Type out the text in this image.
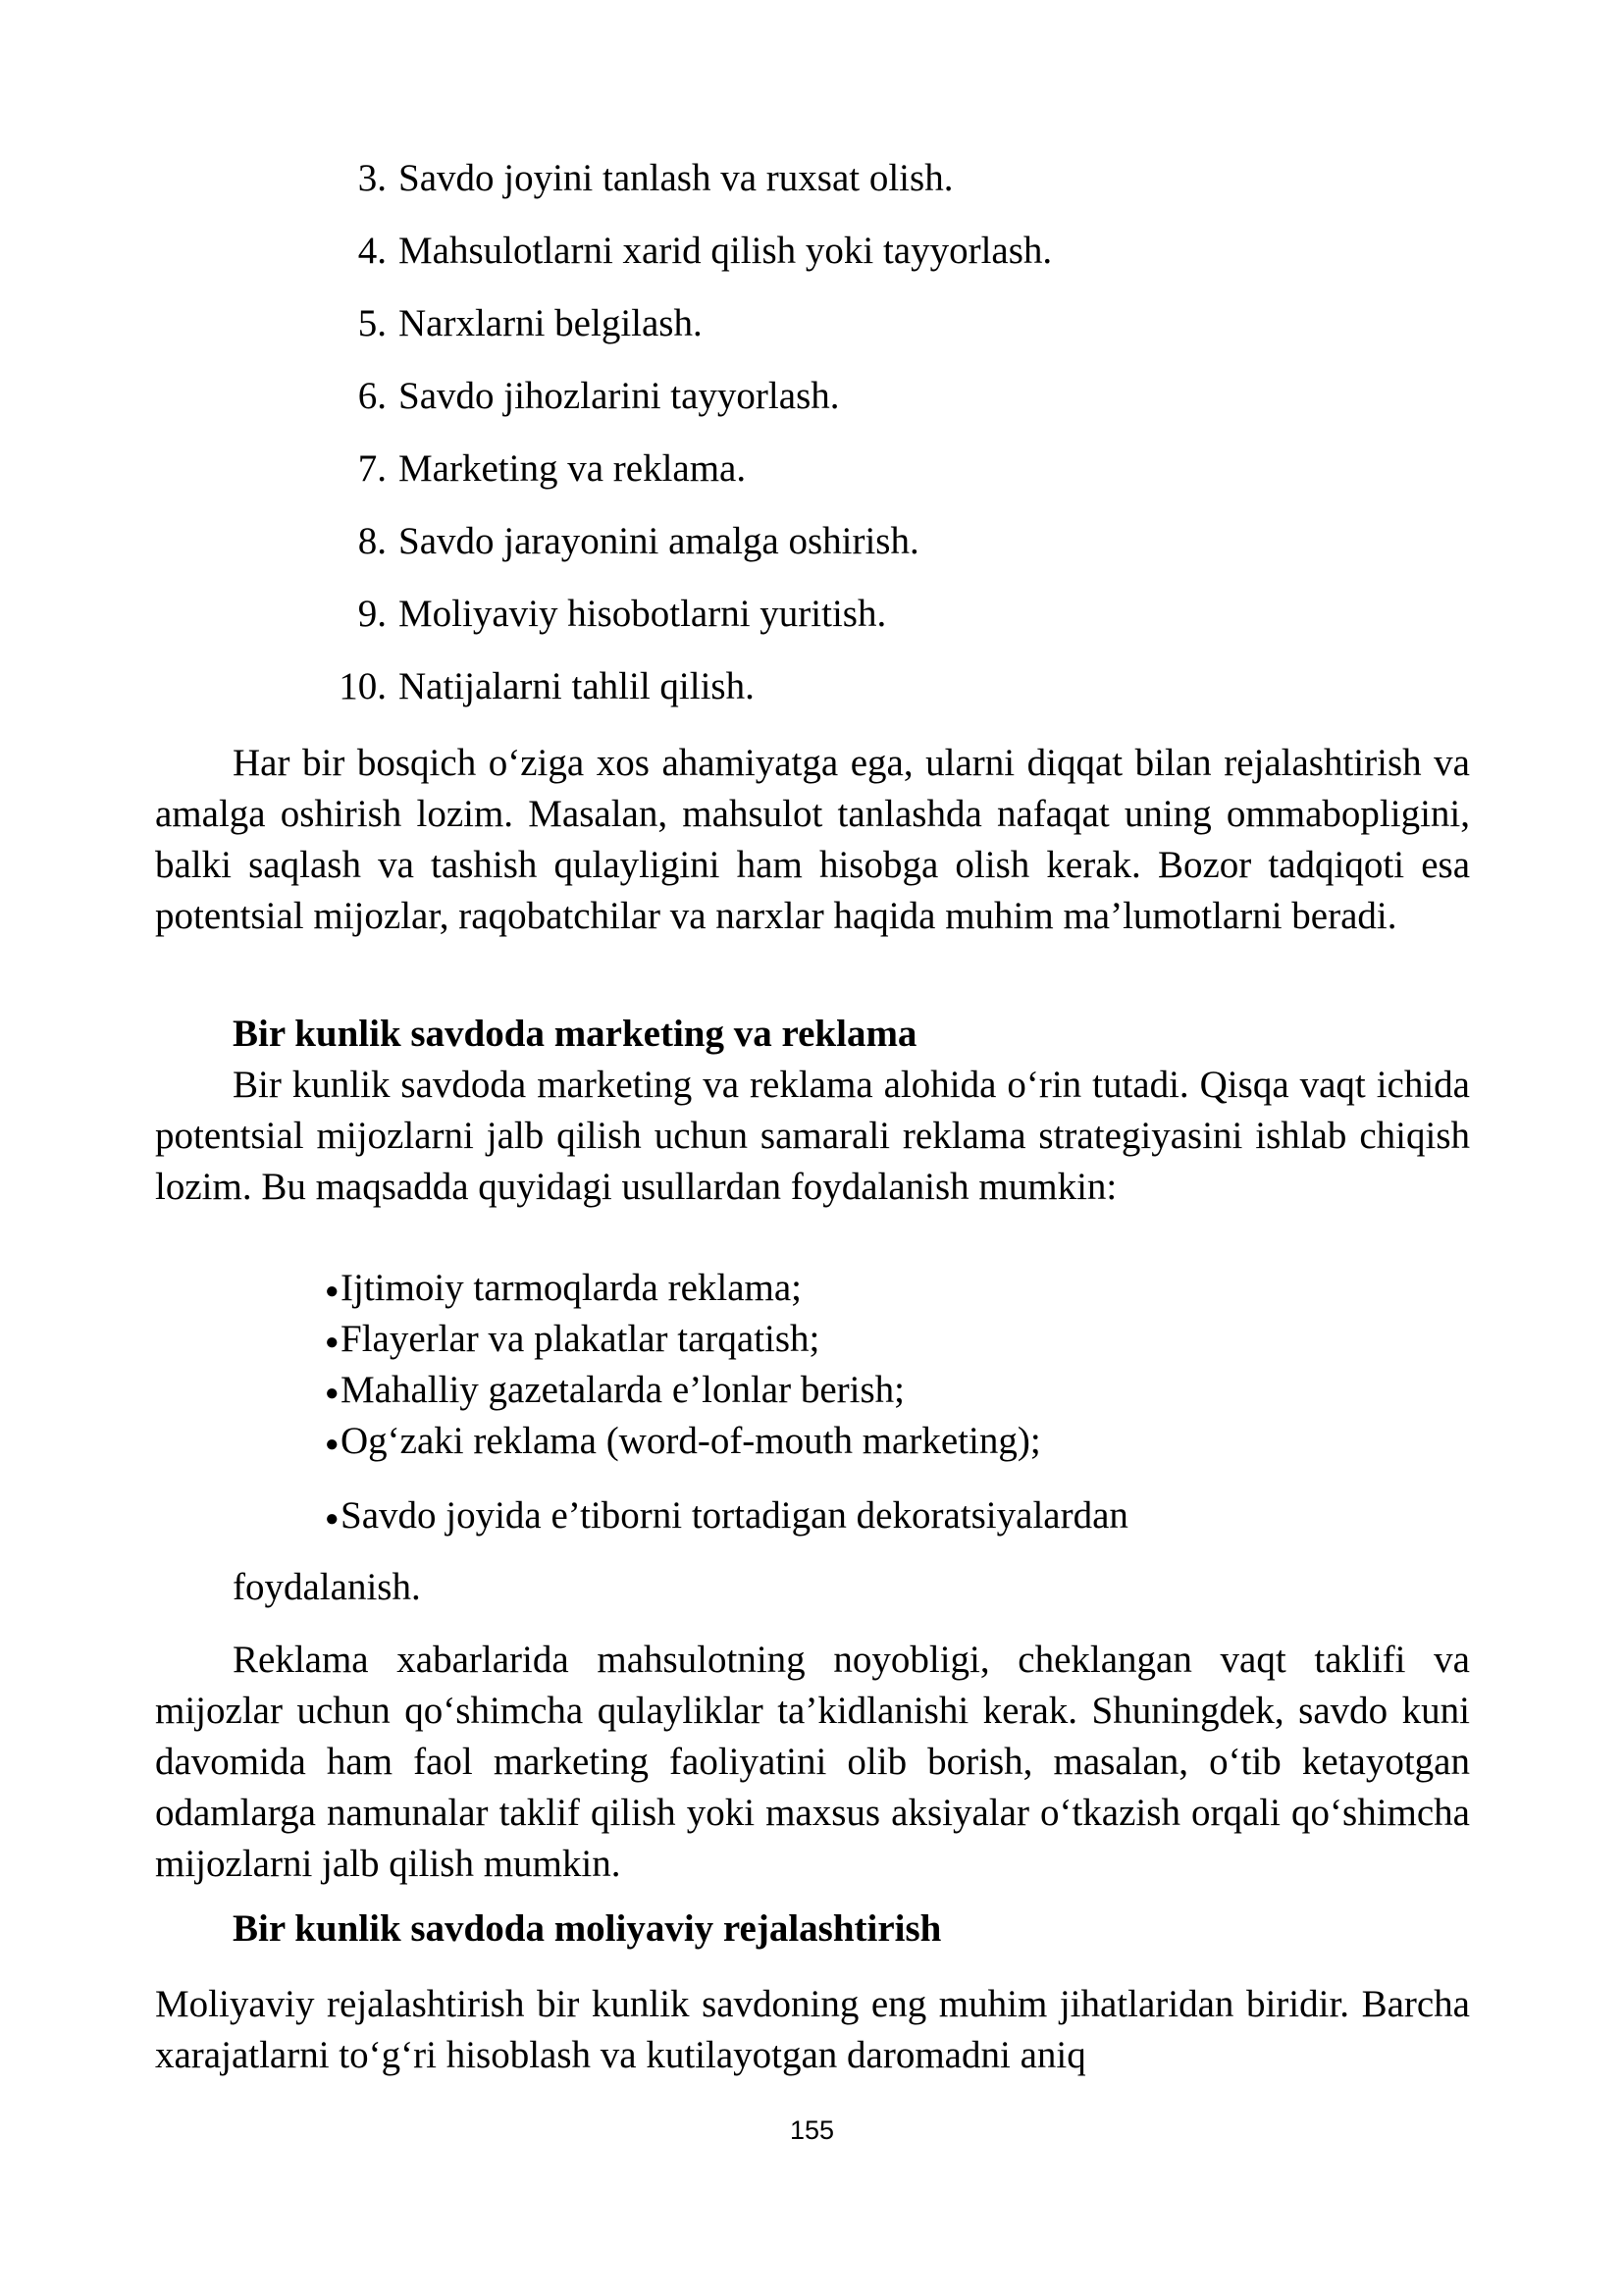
3. Savdo joyini tanlash va ruxsat olish.
4. Mahsulotlarni xarid qilish yoki tayyorlash.
5. Narxlarni belgilash.
6. Savdo jihozlarini tayyorlash.
7. Marketing va reklama.
8. Savdo jarayonini amalga oshirish.
9. Moliyaviy hisobotlarni yuritish.
10. Natijalarni tahlil qilish.

Har bir bosqich o‘ziga xos ahamiyatga ega, ularni diqqat bilan rejalashtirish va amalga oshirish lozim. Masalan, mahsulot tanlashda nafaqat uning ommabopligini, balki saqlash va tashish qulayligini ham hisobga olish kerak. Bozor tadqiqoti esa potentsial mijozlar, raqobatchilar va narxlar haqida muhim ma’lumotlarni beradi.

Bir kunlik savdoda marketing va reklama

Bir kunlik savdoda marketing va reklama alohida o‘rin tutadi. Qisqa vaqt ichida potentsial mijozlarni jalb qilish uchun samarali reklama strategiyasini ishlab chiqish lozim. Bu maqsadda quyidagi usullardan foydalanish mumkin:

● Ijtimoiy tarmoqlarda reklama;
● Flayerlar va plakatlar tarqatish;
● Mahalliy gazetalarda e’lonlar berish;
● Og‘zaki reklama (word-of-mouth marketing);
● Savdo joyida e’tiborni tortadigan dekoratsiyalardan

foydalanish.

Reklama xabarlarida mahsulotning noyobligi, cheklangan vaqt taklifi va mijozlar uchun qo‘shimcha qulayliklar ta’kidlanishi kerak. Shuningdek, savdo kuni davomida ham faol marketing faoliyatini olib borish, masalan, o‘tib ketayotgan odamlarga namunalar taklif qilish yoki maxsus aksiyalar o‘tkazish orqali qo‘shimcha mijozlarni jalb qilish mumkin.

Bir kunlik savdoda moliyaviy rejalashtirish

Moliyaviy rejalashtirish bir kunlik savdoning eng muhim jihatlaridan biridir. Barcha xarajatlarni to‘g‘ri hisoblash va kutilayotgan daromadni aniq

155
